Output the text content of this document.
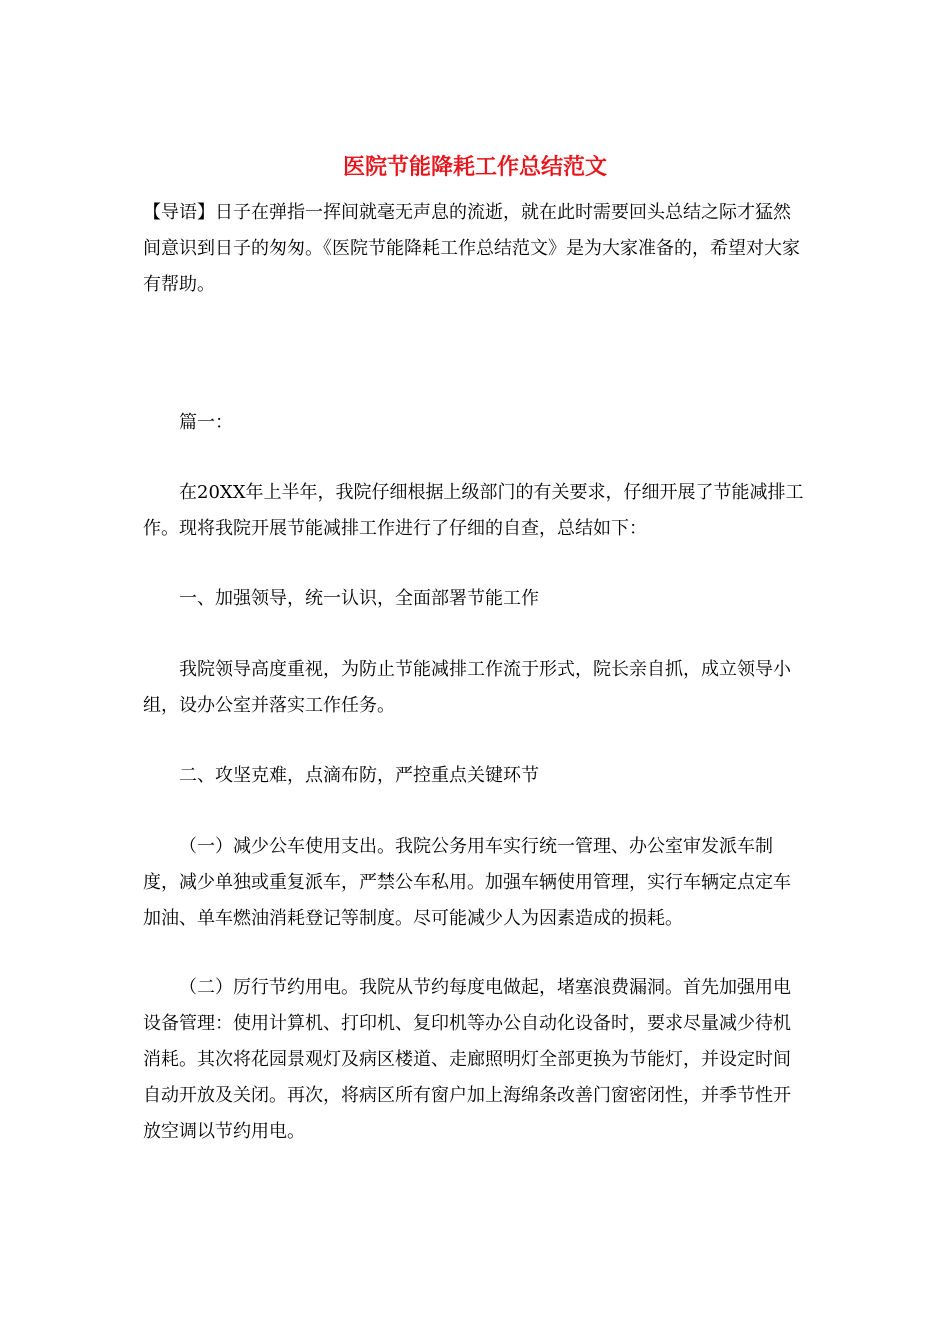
医院节能降耗工作总结范文

【导语】日子在弹指一挥间就毫无声息的流逝，就在此时需要回头总结之际才猛然间意识到日子的匆匆。《医院节能降耗工作总结范文》是为大家准备的，希望对大家有帮助。

篇一：

在20XX年上半年，我院仔细根据上级部门的有关要求，仔细开展了节能减排工作。现将我院开展节能减排工作进行了仔细的自查，总结如下：

一、加强领导，统一认识，全面部署节能工作

我院领导高度重视，为防止节能减排工作流于形式，院长亲自抓，成立领导小组，设办公室并落实工作任务。

二、攻坚克难，点滴布防，严控重点关键环节

（一）减少公车使用支出。我院公务用车实行统一管理、办公室审发派车制度，减少单独或重复派车，严禁公车私用。加强车辆使用管理，实行车辆定点定车加油、单车燃油消耗登记等制度。尽可能减少人为因素造成的损耗。

（二）厉行节约用电。我院从节约每度电做起，堵塞浪费漏洞。首先加强用电设备管理：使用计算机、打印机、复印机等办公自动化设备时，要求尽量减少待机消耗。其次将花园景观灯及病区楼道、走廊照明灯全部更换为节能灯，并设定时间自动开放及关闭。再次，将病区所有窗户加上海绵条改善门窗密闭性，并季节性开放空调以节约用电。
